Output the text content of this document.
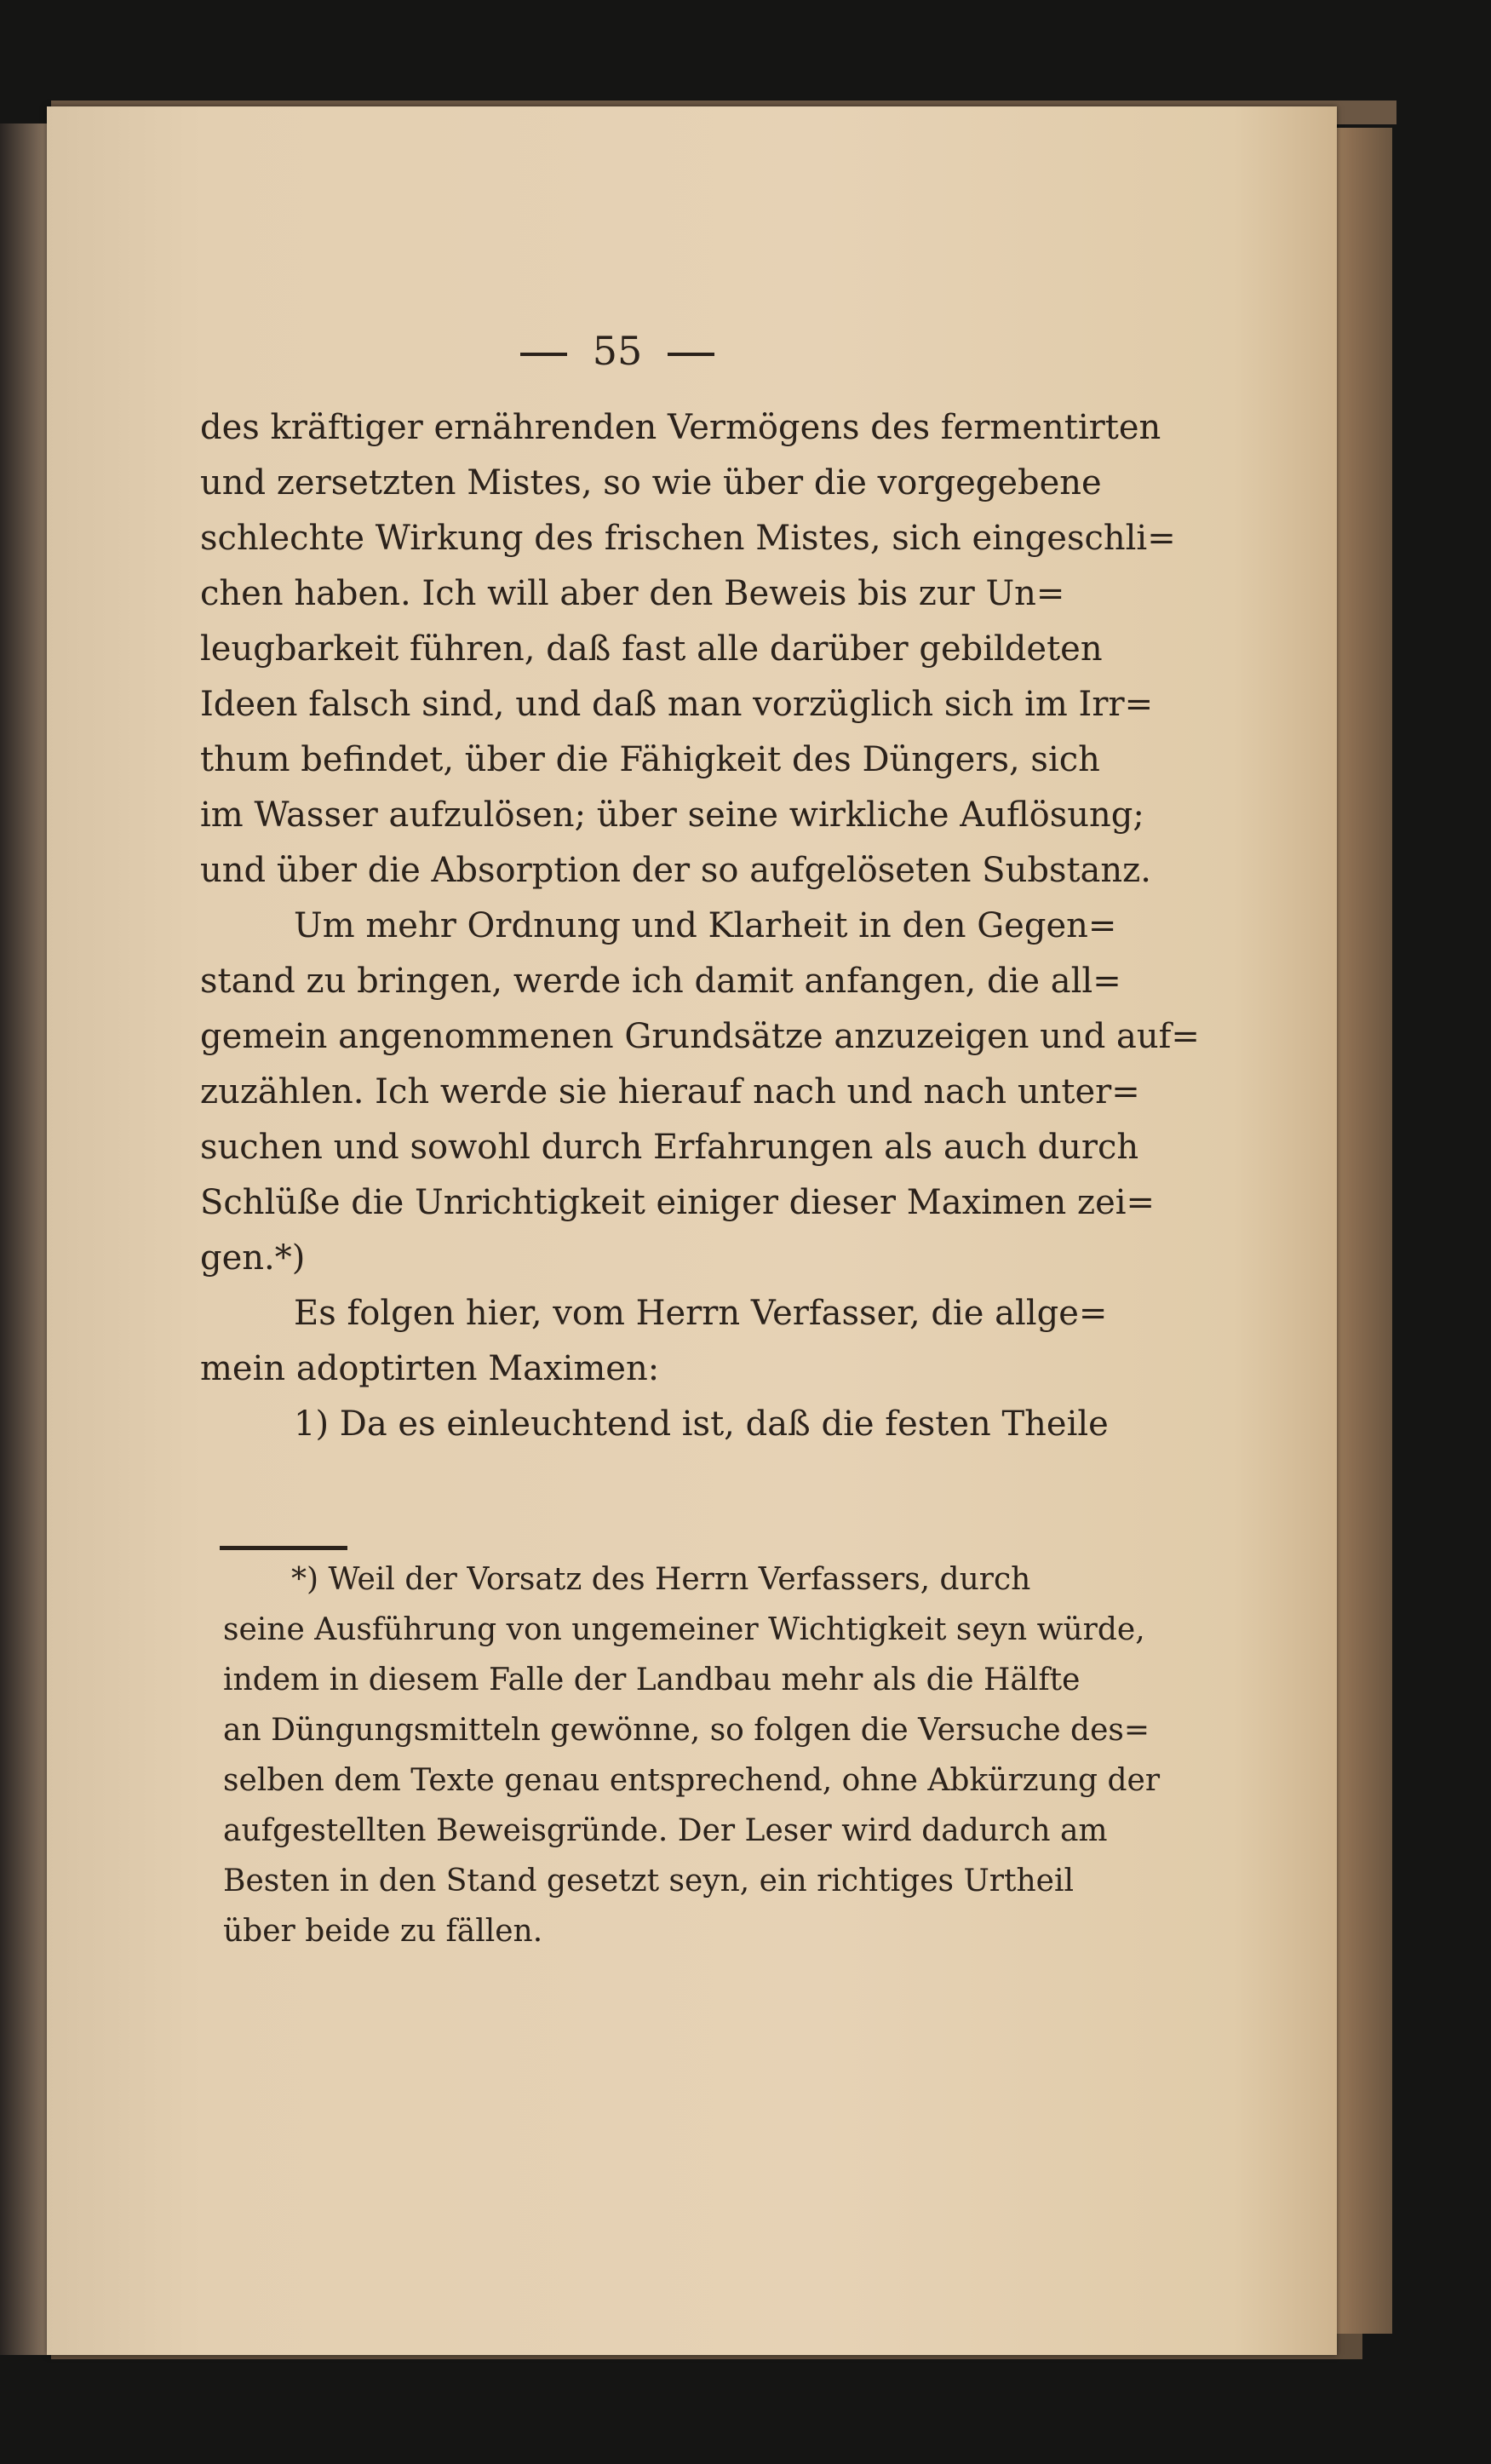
55
des kräftiger ernährenden Vermögens des fermentirten
und zersetzten Mistes, so wie über die vorgegebene
schlechte Wirkung des frischen Mistes, sich eingeschli=
chen haben. Ich will aber den Beweis bis zur Un=
leugbarkeit führen, daß fast alle darüber gebildeten
Ideen falsch sind, und daß man vorzüglich sich im Irr=
thum befindet, über die Fähigkeit des Düngers, sich
im Wasser aufzulösen; über seine wirkliche Auflösung;
und über die Absorption der so aufgelöseten Substanz.
Um mehr Ordnung und Klarheit in den Gegen=
stand zu bringen, werde ich damit anfangen, die all=
gemein angenommenen Grundsätze anzuzeigen und auf=
zuzählen. Ich werde sie hierauf nach und nach unter=
suchen und sowohl durch Erfahrungen als auch durch
Schlüße die Unrichtigkeit einiger dieser Maximen zei=
gen.*)
Es folgen hier, vom Herrn Verfasser, die allge=
mein adoptirten Maximen:
1) Da es einleuchtend ist, daß die festen Theile
*) Weil der Vorsatz des Herrn Verfassers, durch
seine Ausführung von ungemeiner Wichtigkeit seyn würde,
indem in diesem Falle der Landbau mehr als die Hälfte
an Düngungsmitteln gewönne, so folgen die Versuche des=
selben dem Texte genau entsprechend, ohne Abkürzung der
aufgestellten Beweisgründe. Der Leser wird dadurch am
Besten in den Stand gesetzt seyn, ein richtiges Urtheil
über beide zu fällen.
